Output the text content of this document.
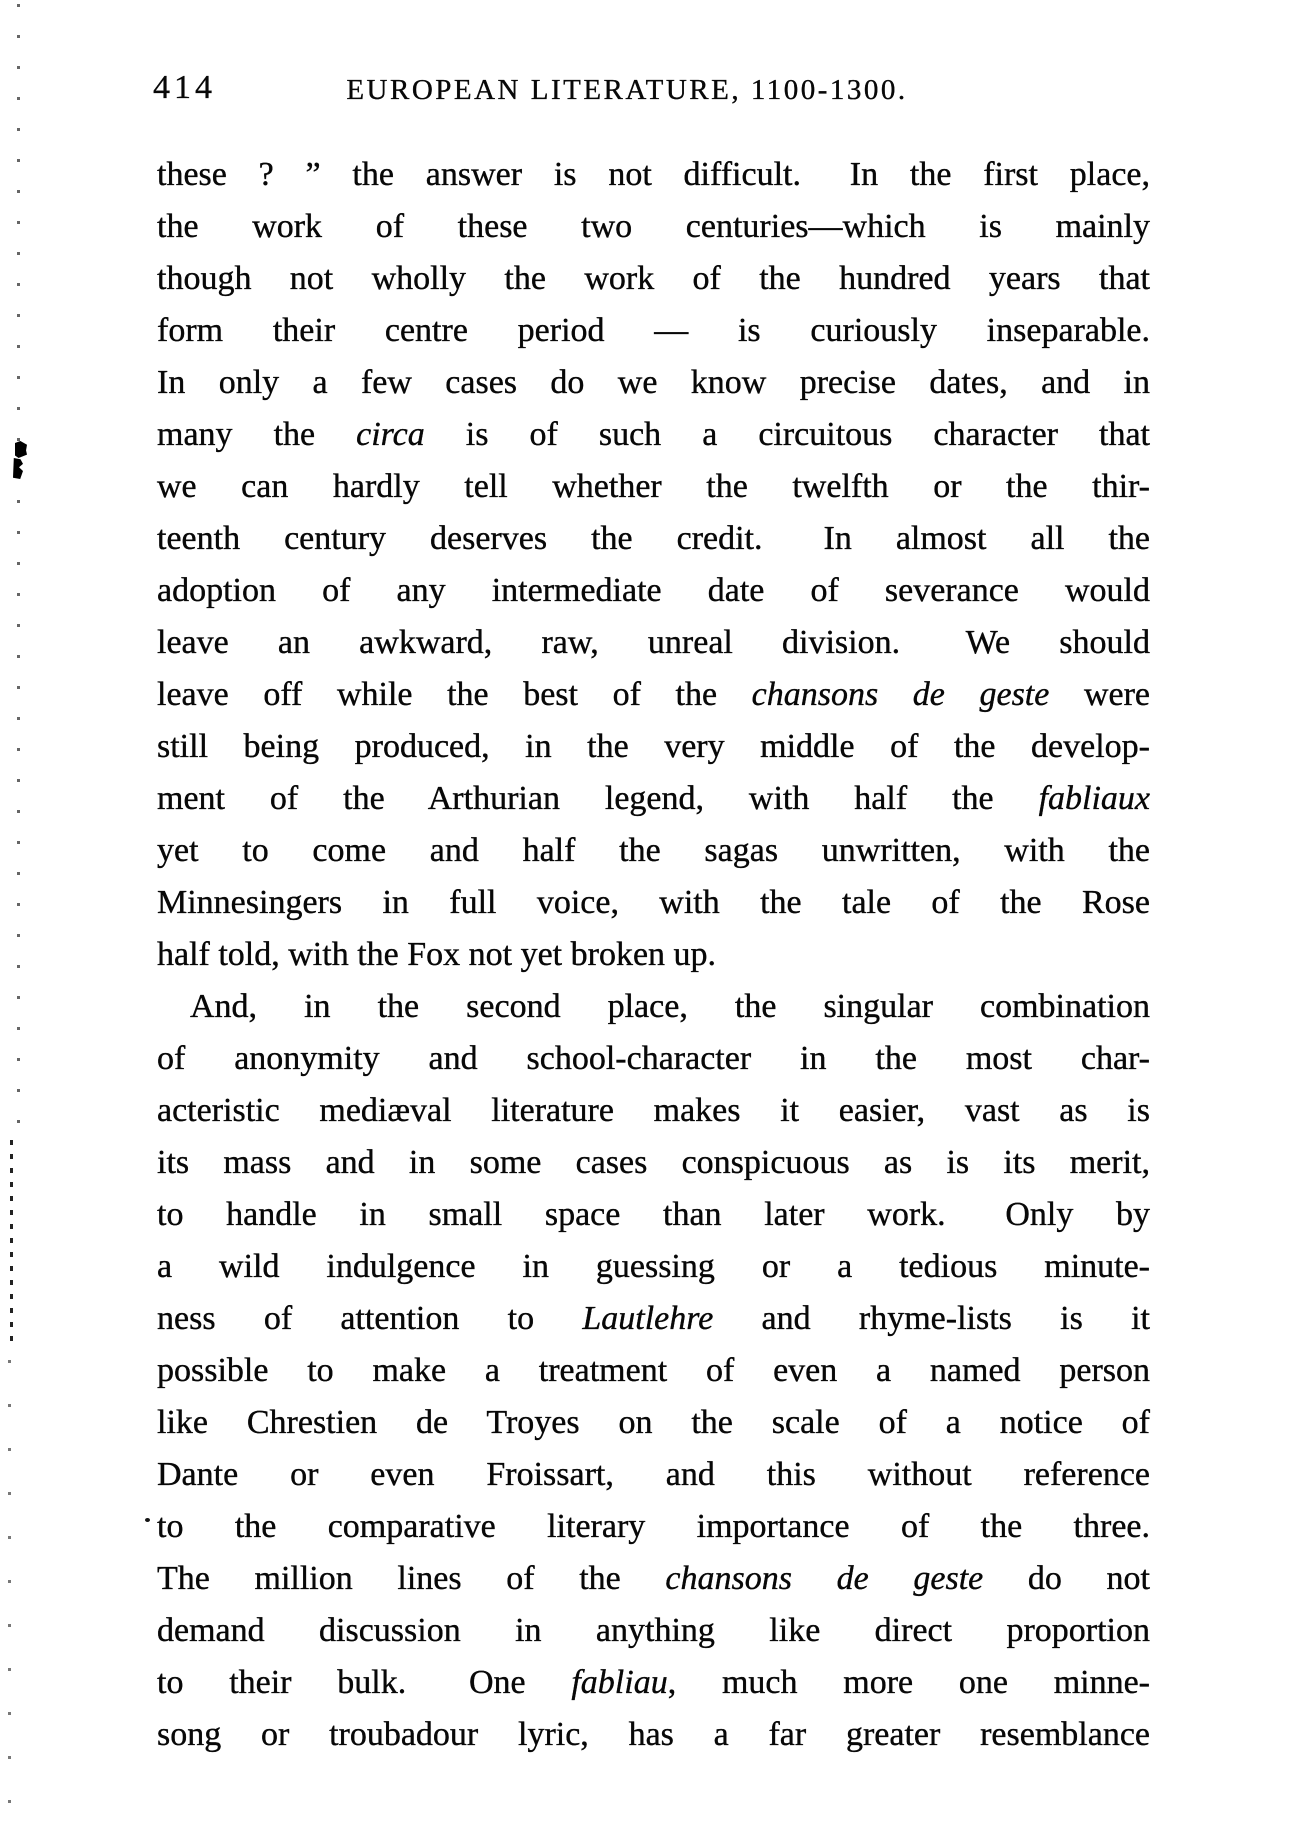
414	EUROPEAN LITERATURE, 1100-1300.
these ? ” the answer is not difficult.  In the first place,
the work of these two centuries—which is mainly
though not wholly the work of the hundred years that
form their centre period — is curiously inseparable.
In only a few cases do we know precise dates, and in
many the circa is of such a circuitous character that
we can hardly tell whether the twelfth or the thir-
teenth century deserves the credit.  In almost all the
adoption of any intermediate date of severance would
leave an awkward, raw, unreal division.  We should
leave off while the best of the chansons de geste were
still being produced, in the very middle of the develop-
ment of the Arthurian legend, with half the fabliaux
yet to come and half the sagas unwritten, with the
Minnesingers in full voice, with the tale of the Rose
half told, with the Fox not yet broken up.
And, in the second place, the singular combination
of anonymity and school-character in the most char-
acteristic mediæval literature makes it easier, vast as is
its mass and in some cases conspicuous as is its merit,
to handle in small space than later work.  Only by
a wild indulgence in guessing or a tedious minute-
ness of attention to Lautlehre and rhyme-lists is it
possible to make a treatment of even a named person
like Chrestien de Troyes on the scale of a notice of
Dante or even Froissart, and this without reference
to the comparative literary importance of the three.
The million lines of the chansons de geste do not
demand discussion in anything like direct proportion
to their bulk.  One fabliau, much more one minne-
song or troubadour lyric, has a far greater resemblance
